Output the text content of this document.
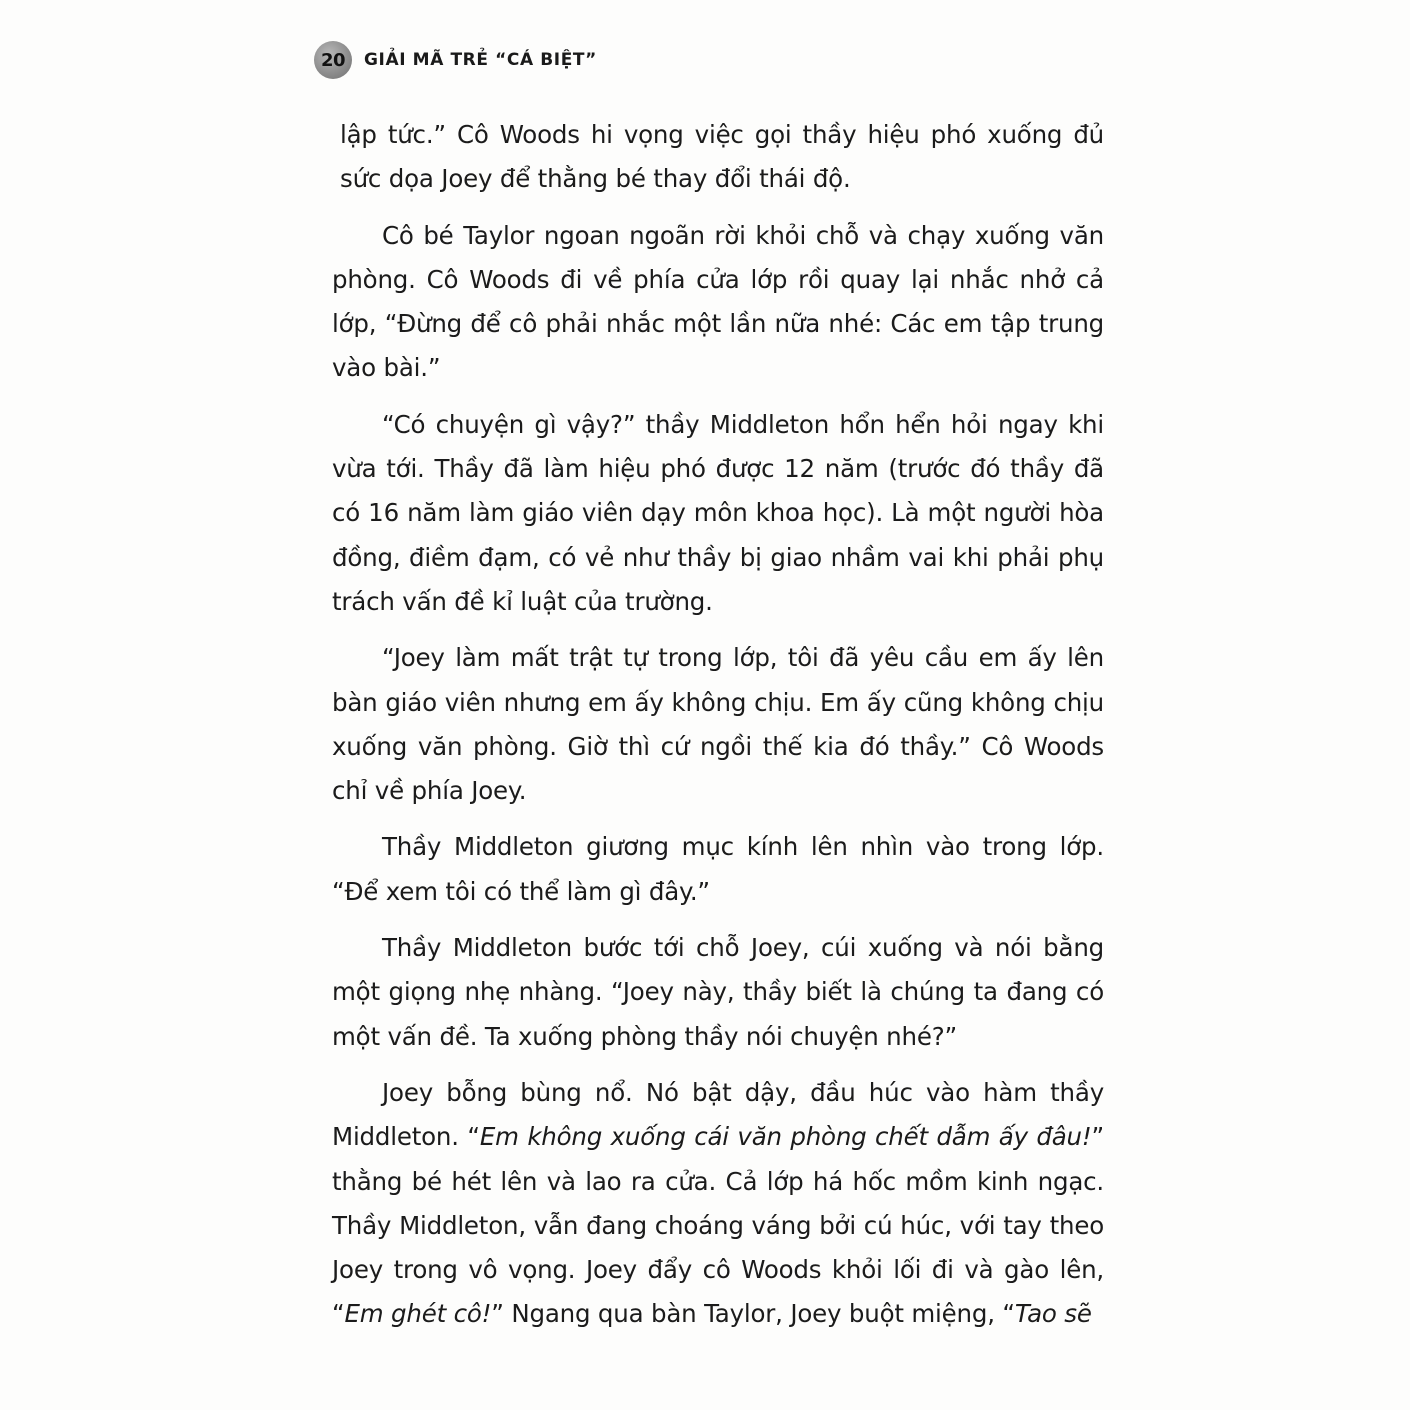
20 GIẢI MÃ TRẺ “CÁ BIỆT”

lập tức.” Cô Woods hi vọng việc gọi thầy hiệu phó xuống đủ sức dọa Joey để thằng bé thay đổi thái độ.

Cô bé Taylor ngoan ngoãn rời khỏi chỗ và chạy xuống văn phòng. Cô Woods đi về phía cửa lớp rồi quay lại nhắc nhở cả lớp, “Đừng để cô phải nhắc một lần nữa nhé: Các em tập trung vào bài.”

“Có chuyện gì vậy?” thầy Middleton hổn hển hỏi ngay khi vừa tới. Thầy đã làm hiệu phó được 12 năm (trước đó thầy đã có 16 năm làm giáo viên dạy môn khoa học). Là một người hòa đồng, điềm đạm, có vẻ như thầy bị giao nhầm vai khi phải phụ trách vấn đề kỉ luật của trường.

“Joey làm mất trật tự trong lớp, tôi đã yêu cầu em ấy lên bàn giáo viên nhưng em ấy không chịu. Em ấy cũng không chịu xuống văn phòng. Giờ thì cứ ngồi thế kia đó thầy.” Cô Woods chỉ về phía Joey.

Thầy Middleton giương mục kính lên nhìn vào trong lớp. “Để xem tôi có thể làm gì đây.”

Thầy Middleton bước tới chỗ Joey, cúi xuống và nói bằng một giọng nhẹ nhàng. “Joey này, thầy biết là chúng ta đang có một vấn đề. Ta xuống phòng thầy nói chuyện nhé?”

Joey bỗng bùng nổ. Nó bật dậy, đầu húc vào hàm thầy Middleton. “Em không xuống cái văn phòng chết dẫm ấy đâu!” thằng bé hét lên và lao ra cửa. Cả lớp há hốc mồm kinh ngạc. Thầy Middleton, vẫn đang choáng váng bởi cú húc, với tay theo Joey trong vô vọng. Joey đẩy cô Woods khỏi lối đi và gào lên, “Em ghét cô!” Ngang qua bàn Taylor, Joey buột miệng, “Tao sẽ
